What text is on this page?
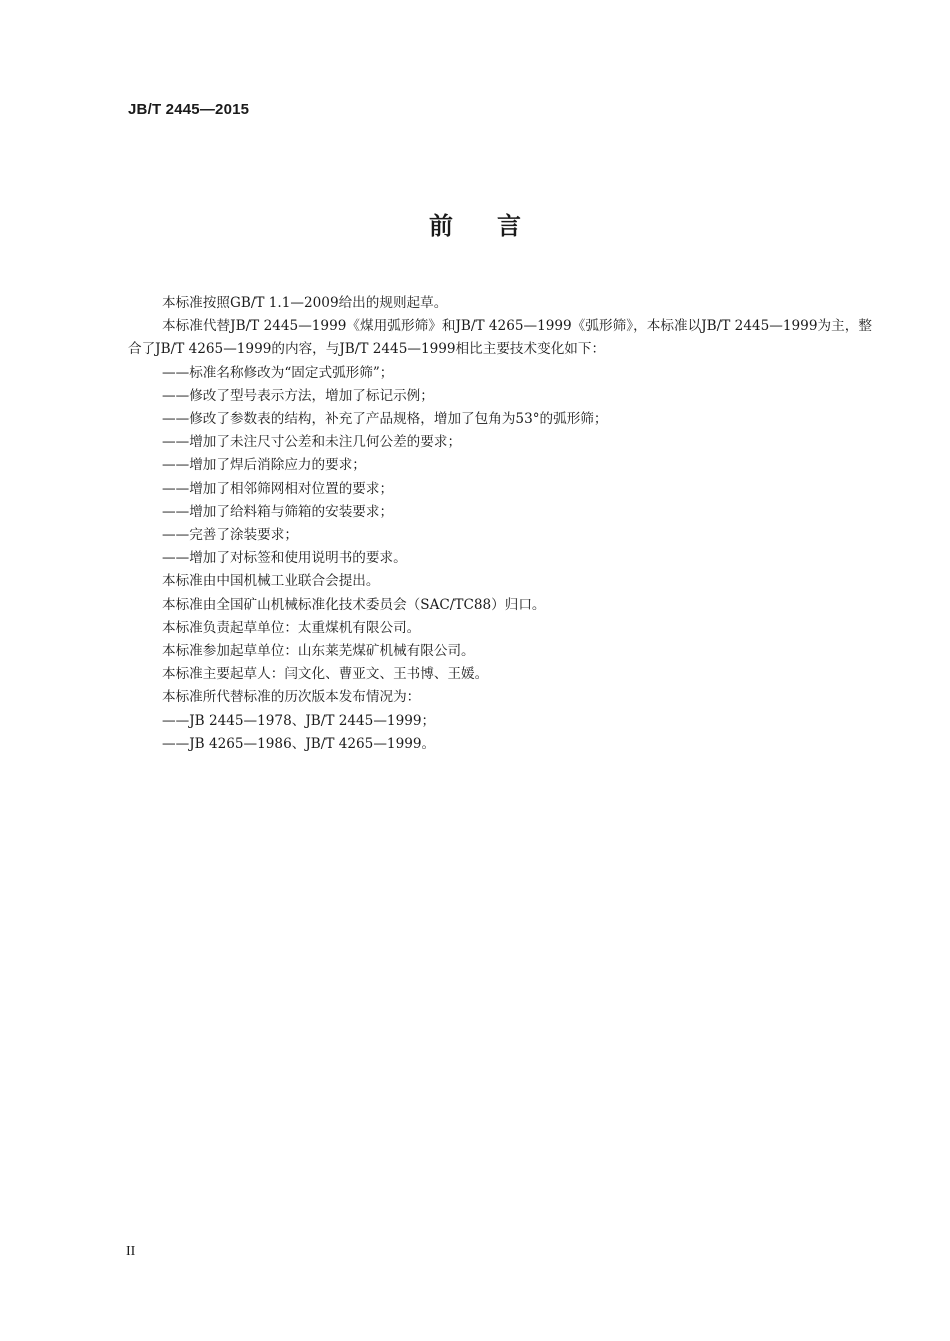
JB/T 2445—2015
前言

本标准按照GB/T 1.1—2009给出的规则起草。

本标准代替JB/T 2445—1999《煤用弧形筛》和JB/T 4265—1999《弧形筛》，本标准以JB/T 2445—1999为主，整合了JB/T 4265—1999的内容，与JB/T 2445—1999相比主要技术变化如下：

——标准名称修改为“固定式弧形筛”；

——修改了型号表示方法，增加了标记示例；

——修改了参数表的结构，补充了产品规格，增加了包角为53°的弧形筛；

——增加了未注尺寸公差和未注几何公差的要求；

——增加了焊后消除应力的要求；

——增加了相邻筛网相对位置的要求；

——增加了给料箱与筛箱的安装要求；

——完善了涂装要求；

——增加了对标签和使用说明书的要求。

本标准由中国机械工业联合会提出。

本标准由全国矿山机械标准化技术委员会（SAC/TC88）归口。

本标准负责起草单位：太重煤机有限公司。

本标准参加起草单位：山东莱芜煤矿机械有限公司。

本标准主要起草人：闫文化、曹亚文、王书博、王媛。

本标准所代替标准的历次版本发布情况为：

——JB 2445—1978、JB/T 2445—1999；

——JB 4265—1986、JB/T 4265—1999。

II
